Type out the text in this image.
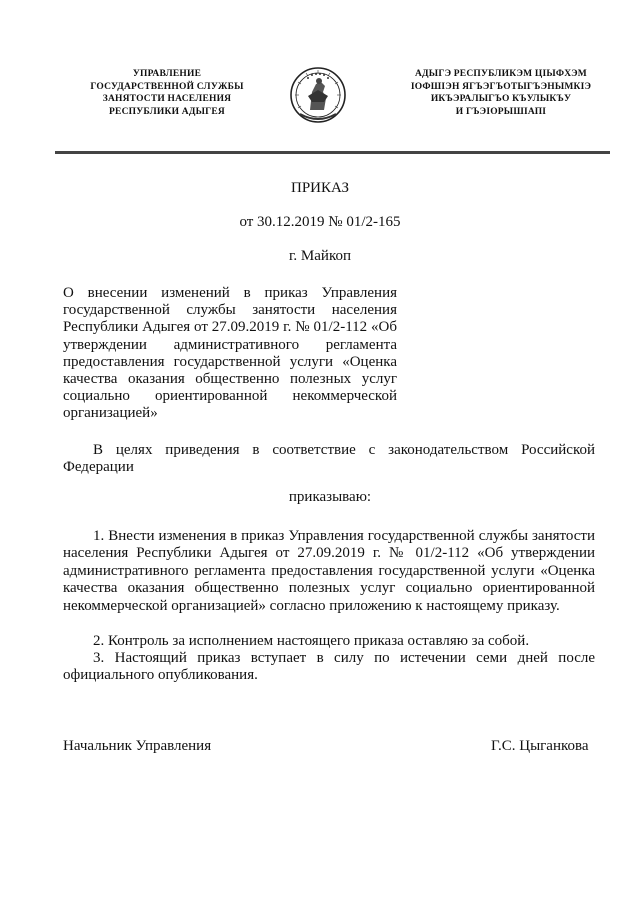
УПРАВЛЕНИЕ
ГОСУДАРСТВЕННОЙ СЛУЖБЫ
ЗАНЯТОСТИ НАСЕЛЕНИЯ
РЕСПУБЛИКИ АДЫГЕЯ
АДЫГЭ РЕСПУБЛИКЭМ ЦIЫФХЭМ
IОФШIЭН ЯГЪЭГЪОТЫГЪЭНЫМКIЭ
ИКЪЭРАЛЫГЪО КЪУЛЫКЪУ
И ГЪЭIОРЫШIАПI
ПРИКАЗ
от 30.12.2019 № 01/2-165
г. Майкоп
О внесении изменений в приказ Управления государственной службы занятости населения Республики Адыгея от 27.09.2019 г. № 01/2-112 «Об утверждении административного регламента предоставления государственной услуги «Оценка качества оказания общественно полезных услуг социально ориентированной некоммерческой организацией»
В целях приведения в соответствие с законодательством Российской Федерации
приказываю:
1. Внести изменения в приказ Управления государственной службы занятости населения Республики Адыгея от 27.09.2019 г. № 01/2-112 «Об утверждении административного регламента предоставления государственной услуги «Оценка качества оказания общественно полезных услуг социально ориентированной некоммерческой организацией» согласно приложению к настоящему приказу.
2. Контроль за исполнением настоящего приказа оставляю за собой.
3. Настоящий приказ вступает в силу по истечении семи дней после официального опубликования.
Начальник Управления	Г.С. Цыганкова
